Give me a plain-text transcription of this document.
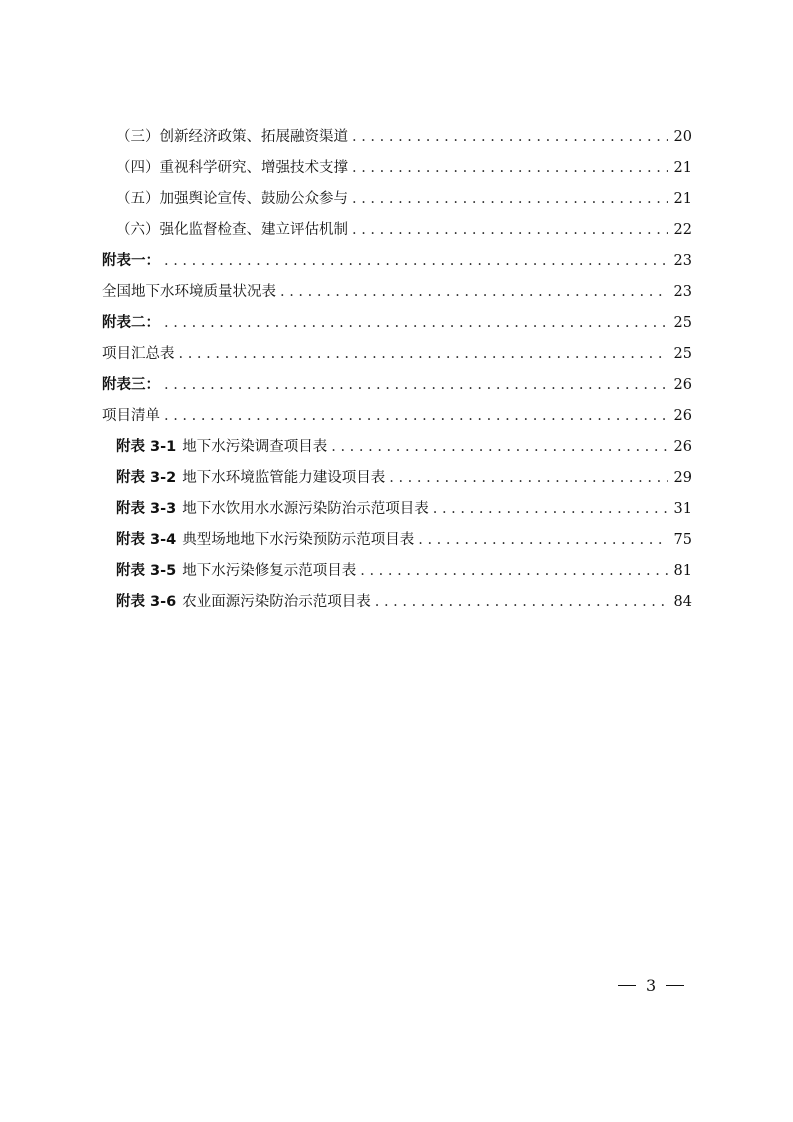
（三）创新经济政策、拓展融资渠道 . . .	20
（四）重视科学研究、增强技术支撑 . . .	21
（五）加强舆论宣传、鼓励公众参与 . . .	21
（六）强化监督检查、建立评估机制 . . .	22
附表一： . . .	23
全国地下水环境质量状况表 . . .	23
附表二： . . .	25
项目汇总表 . . .	25
附表三： . . .	26
项目清单 . . .	26
附表 3-1 地下水污染调查项目表 . . .	26
附表 3-2 地下水环境监管能力建设项目表 . . .	29
附表 3-3 地下水饮用水水源污染防治示范项目表 . . .	31
附表 3-4 典型场地地下水污染预防示范项目表 . . .	75
附表 3-5 地下水污染修复示范项目表 . . .	81
附表 3-6 农业面源污染防治示范项目表 . . .	84
3
